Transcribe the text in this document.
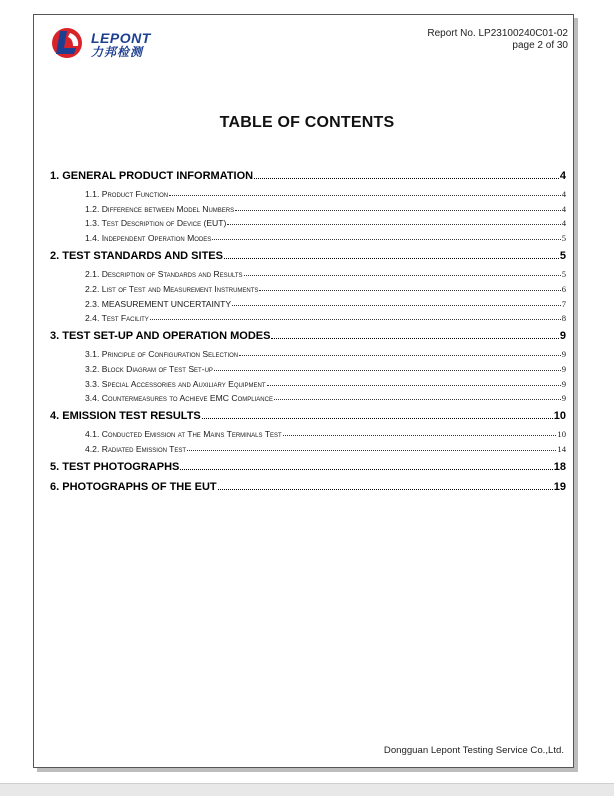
LEPONT
力邦检测
Report No. LP23100240C01-02
page 2 of 30
TABLE OF CONTENTS
1. GENERAL PRODUCT INFORMATION	4
1.1. Product Function	4
1.2. Difference between Model Numbers	4
1.3. Test Description of Device (EUT)	4
1.4. Independent Operation Modes	5
2. TEST STANDARDS AND SITES	5
2.1. Description of Standards and Results	5
2.2. List of Test and Measurement Instruments	6
2.3. MEASUREMENT UNCERTAINTY	7
2.4. Test Facility	8
3. TEST SET-UP AND OPERATION MODES	9
3.1. Principle of Configuration Selection	9
3.2. Block Diagram of Test Set-up	9
3.3. Special Accessories and Auxiliary Equipment	9
3.4. Countermeasures to Achieve EMC Compliance	9
4. EMISSION TEST RESULTS	10
4.1. Conducted Emission at The Mains Terminals Test	10
4.2. Radiated Emission Test	14
5. TEST PHOTOGRAPHS	18
6. PHOTOGRAPHS OF THE EUT	19
Dongguan Lepont Testing Service Co.,Ltd.
